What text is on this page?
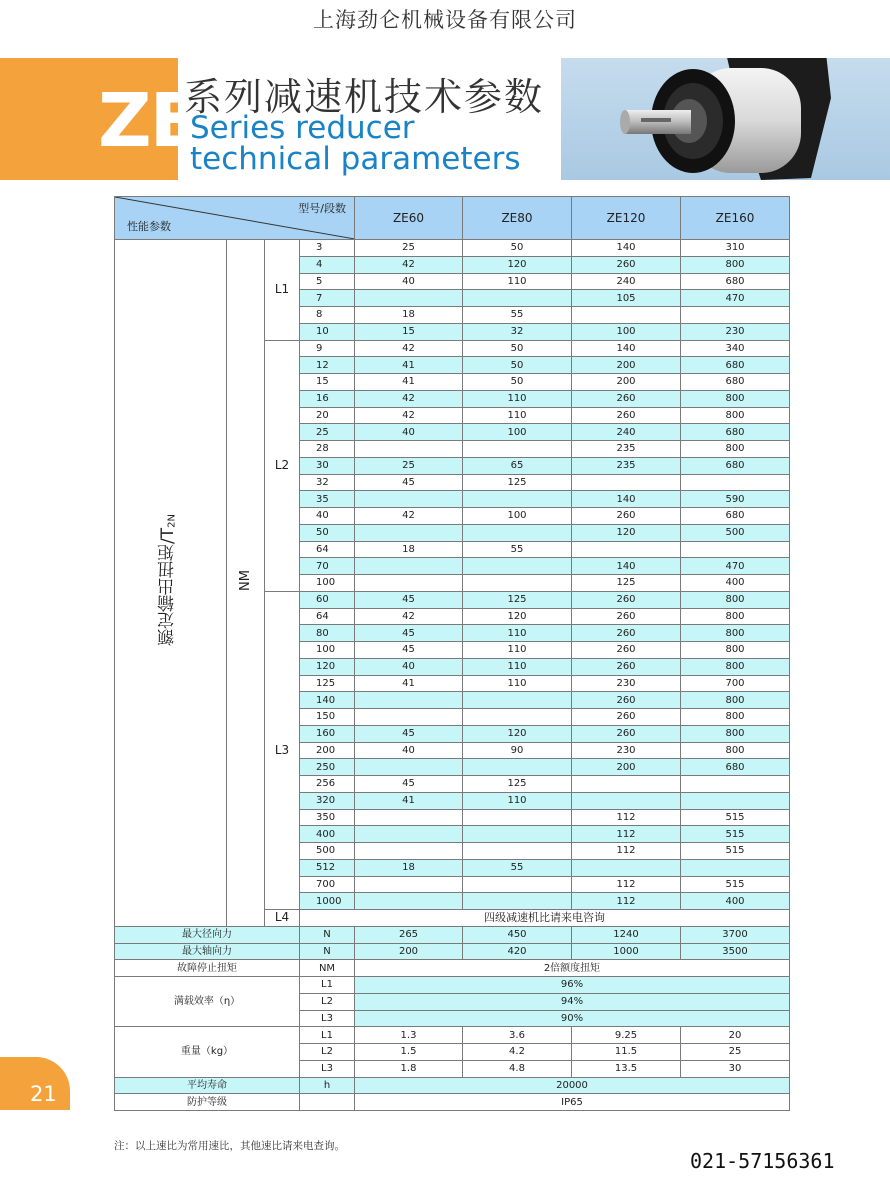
上海劲仑机械设备有限公司
ZE
系列减速机技术参数
Series reducer technical parameters
型号/段数
性能参数				ZE60	ZE80	ZE120	ZE160
额定输出扭矩$/T_{2N}$	NM	L1	3	25	50	140	310
			4	42	120	260	800
			5	40	110	240	680
			7			105	470
			8	18	55		
			10	15	32	100	230
		L2	9	42	50	140	340
			12	41	50	200	680
			15	41	50	200	680
			16	42	110	260	800
			20	42	110	260	800
			25	40	100	240	680
			28			235	800
			30	25	65	235	680
			32	45	125		
			35			140	590
			40	42	100	260	680
			50			120	500
			64	18	55		
			70			140	470
			100			125	400
		L3	60	45	125	260	800
			64	42	120	260	800
			80	45	110	260	800
			100	45	110	260	800
			120	40	110	260	800
			125	41	110	230	700
			140			260	800
			150			260	800
			160	45	120	260	800
			200	40	90	230	800
			250			200	680
			256	45	125		
			320	41	110		
			350			112	515
			400			112	515
			500			112	515
			512	18	55		
			700			112	515
			1000			112	400
		L4	四级减速机比请来电咨询				
最大径向力			N	265	450	1240	3700
最大轴向力			N	200	420	1000	3500
故障停止扭矩			NM	2倍额度扭矩			
满载效率（η）			L1	96%			
			L2	94%			
			L3	90%			
重量（kg）			L1	1.3	3.6	9.25	20
			L2	1.5	4.2	11.5	25
			L3	1.8	4.8	13.5	30
平均寿命			h	20000			
防护等级				IP65			
注：以上速比为常用速比，其他速比请来电查询。
021-57156361
21
